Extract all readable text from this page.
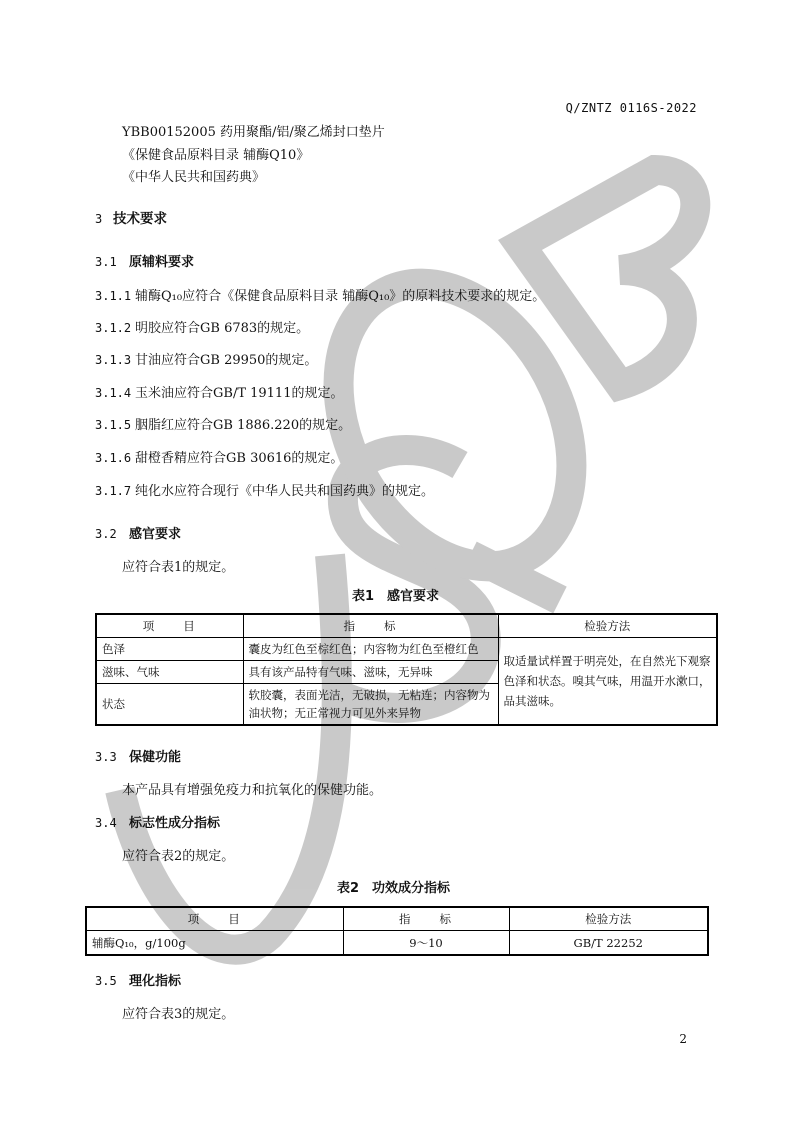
Q/ZNTZ 0116S-2022
YBB00152005 药用聚酯/铝/聚乙烯封口垫片
《保健食品原料目录 辅酶Q10》
《中华人民共和国药典》
3 技术要求
3.1 原辅料要求
3.1.1 辅酶Q₁₀应符合《保健食品原料目录 辅酶Q₁₀》的原料技术要求的规定。
3.1.2 明胶应符合GB 6783的规定。
3.1.3 甘油应符合GB 29950的规定。
3.1.4 玉米油应符合GB/T 19111的规定。
3.1.5 胭脂红应符合GB 1886.220的规定。
3.1.6 甜橙香精应符合GB 30616的规定。
3.1.7 纯化水应符合现行《中华人民共和国药典》的规定。
3.2 感官要求
应符合表1的规定。
表1　感官要求
项　　目	指　　标	检验方法
色泽	囊皮为红色至棕红色；内容物为红色至橙红色	取适量试样置于明亮处，在自然光下观察色泽和状态。嗅其气味，用温开水漱口，品其滋味。
滋味、气味	具有该产品特有气味、滋味，无异味	
状态	软胶囊，表面光洁，无破损，无粘连；内容物为油状物；无正常视力可见外来异物	
3.3 保健功能
本产品具有增强免疫力和抗氧化的保健功能。
3.4 标志性成分指标
应符合表2的规定。
表2　功效成分指标
项　　目	指　　标	检验方法
辅酶Q₁₀，g/100g	9～10	GB/T 22252
3.5 理化指标
应符合表3的规定。
2
